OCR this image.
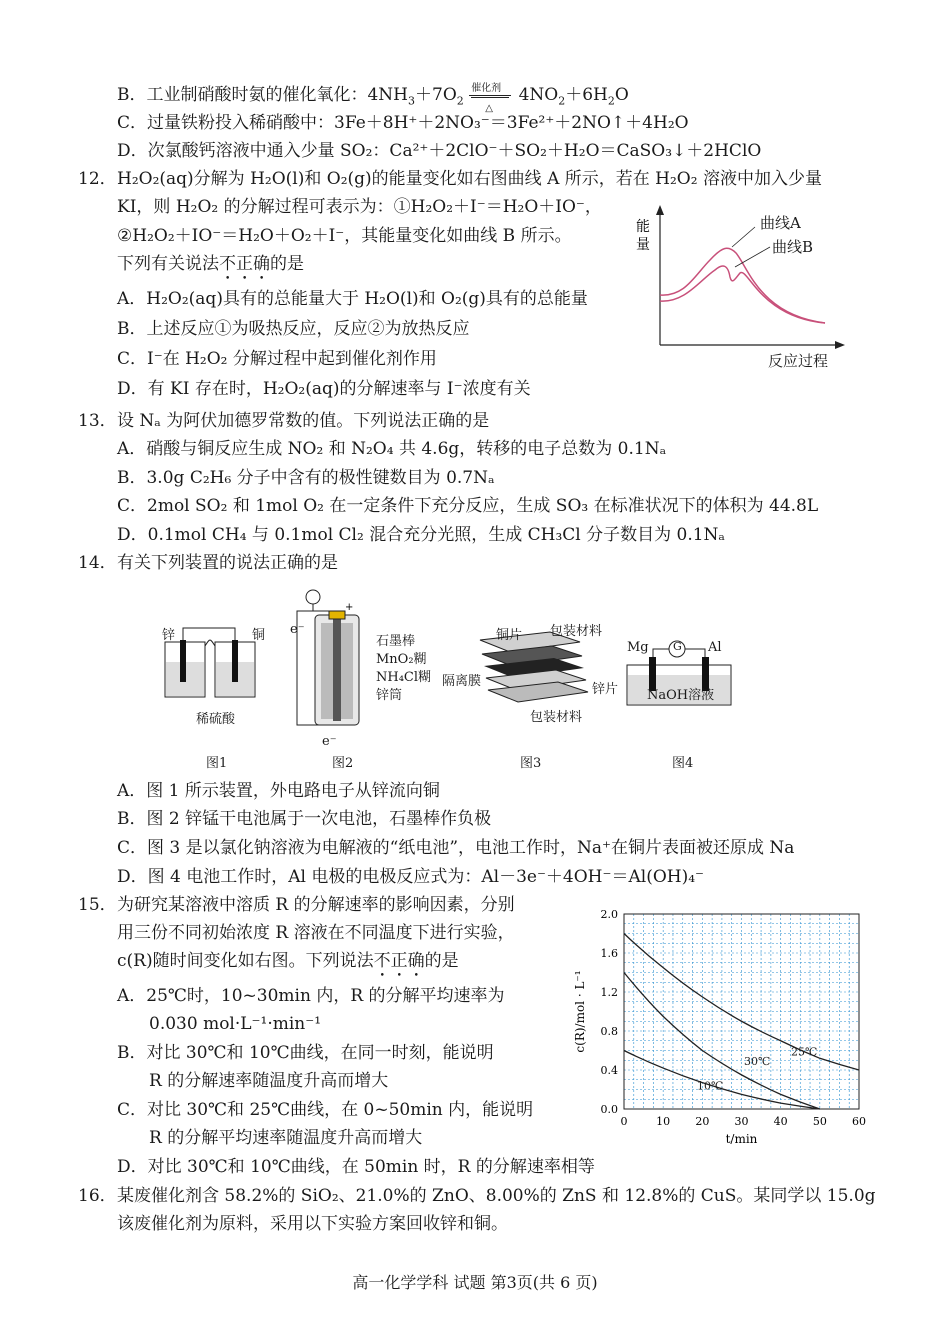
B．工业制硝酸时氨的催化氧化：$4NH_3+7O_2$
催化剂
△
$4NO_2+6H_2O$
C．过量铁粉投入稀硝酸中：3Fe＋8H⁺＋2NO₃⁻＝3Fe²⁺＋2NO↑＋4H₂O
D．次氯酸钙溶液中通入少量 SO₂：Ca²⁺＋2ClO⁻＋SO₂＋H₂O＝CaSO₃↓＋2HClO
12． H₂O₂(aq)分解为 H₂O(l)和 O₂(g)的能量变化如右图曲线 A 所示，若在 H₂O₂ 溶液中加入少量
KI，则 H₂O₂ 的分解过程可表示为：①H₂O₂＋I⁻＝H₂O＋IO⁻，
②H₂O₂＋IO⁻＝H₂O＋O₂＋I⁻，其能量变化如曲线 B 所示。
下列有关说法不正确的是
A．H₂O₂(aq)具有的总能量大于 H₂O(l)和 O₂(g)具有的总能量
B．上述反应①为吸热反应，反应②为放热反应
C．I⁻在 H₂O₂ 分解过程中起到催化剂作用
D．有 KI 存在时，H₂O₂(aq)的分解速率与 I⁻浓度有关
能
量
曲线A
曲线B
反应过程
13． 设 Nₐ 为阿伏加德罗常数的值。下列说法正确的是
A．硝酸与铜反应生成 NO₂ 和 N₂O₄ 共 4.6g，转移的电子总数为 0.1Nₐ
B．3.0g C₂H₆ 分子中含有的极性键数目为 0.7Nₐ
C．2mol SO₂ 和 1mol O₂ 在一定条件下充分反应，生成 SO₃ 在标准状况下的体积为 44.8L
D．0.1mol CH₄ 与 0.1mol Cl₂ 混合充分光照，生成 CH₃Cl 分子数目为 0.1Nₐ
14． 有关下列装置的说法正确的是
锌	铜
稀硫酸
图1
+
e⁻
e⁻
石墨棒
MnO₂糊
NH₄Cl糊
锌筒
图2
铜片 包装材料
隔离膜
锌片
包装材料
图3
Mg	Al
G
NaOH溶液
图4
A．图 1 所示装置，外电路电子从锌流向铜
B．图 2 锌锰干电池属于一次电池，石墨棒作负极
C．图 3 是以氯化钠溶液为电解液的“纸电池”，电池工作时，Na⁺在铜片表面被还原成 Na
D．图 4 电池工作时，Al 电极的电极反应式为：Al－3e⁻＋4OH⁻＝Al(OH)₄⁻
15． 为研究某溶液中溶质 R 的分解速率的影响因素，分别
用三份不同初始浓度 R 溶液在不同温度下进行实验，
c(R)随时间变化如右图。下列说法不正确的是
A．25℃时，10~30min 内，R 的分解平均速率为
0.030 mol·L⁻¹·min⁻¹
B．对比 30℃和 10℃曲线，在同一时刻，能说明
R 的分解速率随温度升高而增大
C．对比 30℃和 25℃曲线，在 0~50min 内，能说明
R 的分解平均速率随温度升高而增大
D．对比 30℃和 10℃曲线，在 50min 时，R 的分解速率相等
0	10 20 30 40 50 60
0.0
0.4
0.8
1.2
1.6
2.0
t/min
c(R)/mol · L⁻¹	25℃
30℃
10℃
16． 某废催化剂含 58.2%的 SiO₂、21.0%的 ZnO、8.00%的 ZnS 和 12.8%的 CuS。某同学以 15.0g
该废催化剂为原料，采用以下实验方案回收锌和铜。
高一化学学科 试题 第3页(共 6 页)
